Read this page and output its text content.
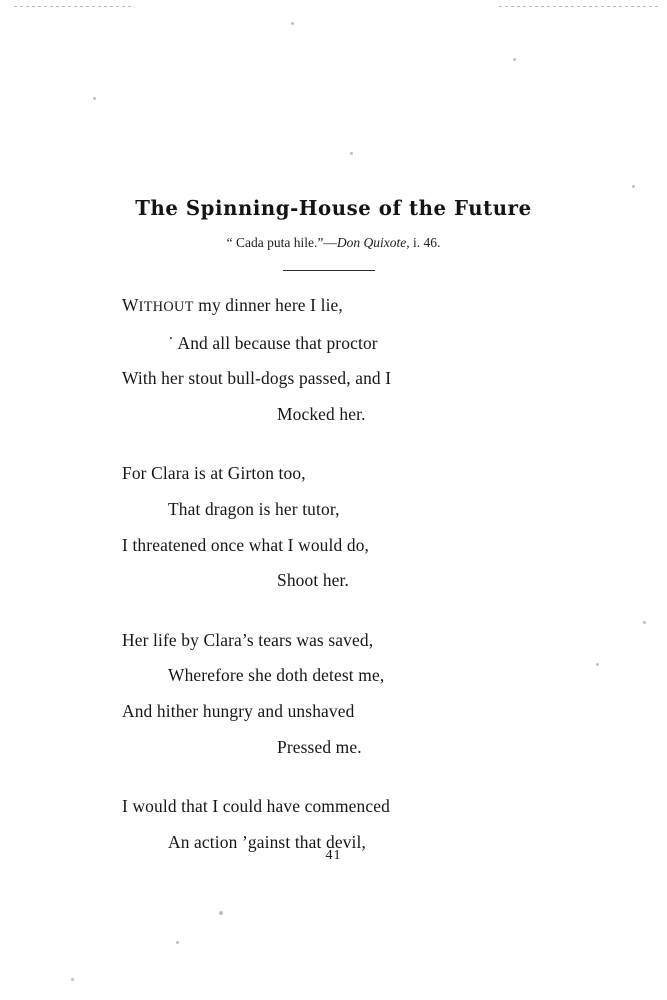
The Spinning-House of the Future
“ Cada puta hile.”—Don Quixote, i. 46.
WITHOUT my dinner here I lie,
˙ And all because that proctor
With her stout bull-dogs passed, and I
Mocked her.
For Clara is at Girton too,
That dragon is her tutor,
I threatened once what I would do,
Shoot her.
Her life by Clara’s tears was saved,
Wherefore she doth detest me,
And hither hungry and unshaved
Pressed me.
I would that I could have commenced
An action ’gainst that devil,
41
